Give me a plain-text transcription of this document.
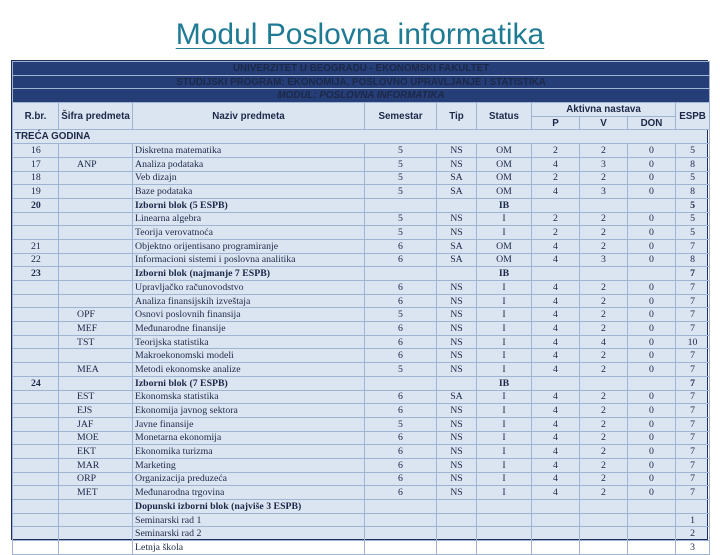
Modul Poslovna informatika
UNIVERZITET U BEOGRADU - EKONOMSKI FAKULTET									
STUDIJSKI PROGRAM: EKONOMIJA, POSLOVNO UPRAVLJANJE I STATISTIKA									
MODUL: POSLOVNA INFORMATIKA									
R.br.	Šifra predmeta	Naziv predmeta	Semestar	Tip	Status	Aktivna nastava			ESPB
						P	V	DON	
TREĆA GODINA									
16		Diskretna matematika	5	NS	OM	2	2	0	5
17	ANP	Analiza podataka	5	NS	OM	4	3	0	8
18		Veb dizajn	5	SA	OM	2	2	0	5
19		Baze podataka	5	SA	OM	4	3	0	8
20		Izborni blok (5 ESPB)			IB				5
		Linearna algebra	5	NS	I	2	2	0	5
		Teorija verovatnoća	5	NS	I	2	2	0	5
21		Objektno orijentisano programiranje	6	SA	OM	4	2	0	7
22		Informacioni sistemi i poslovna analitika	6	SA	OM	4	3	0	8
23		Izborni blok (najmanje 7 ESPB)			IB				7
		Upravljačko računovodstvo	6	NS	I	4	2	0	7
		Analiza finansijskih izveštaja	6	NS	I	4	2	0	7
	OPF	Osnovi poslovnih finansija	5	NS	I	4	2	0	7
	MEF	Međunarodne finansije	6	NS	I	4	2	0	7
	TST	Teorijska statistika	6	NS	I	4	4	0	10
		Makroekonomski modeli	6	NS	I	4	2	0	7
	MEA	Metodi ekonomske analize	5	NS	I	4	2	0	7
24		Izborni blok (7 ESPB)			IB				7
	EST	Ekonomska statistika	6	SA	I	4	2	0	7
	EJS	Ekonomija javnog sektora	6	NS	I	4	2	0	7
	JAF	Javne finansije	5	NS	I	4	2	0	7
	MOE	Monetarna ekonomija	6	NS	I	4	2	0	7
	EKT	Ekonomika turizma	6	NS	I	4	2	0	7
	MAR	Marketing	6	NS	I	4	2	0	7
	ORP	Organizacija preduzeća	6	NS	I	4	2	0	7
	MET	Međunarodna trgovina	6	NS	I	4	2	0	7
		Dopunski izborni blok (najviše 3 ESPB)							
		Seminarski rad 1							1
		Seminarski rad 2							2
		Letnja škola							3
